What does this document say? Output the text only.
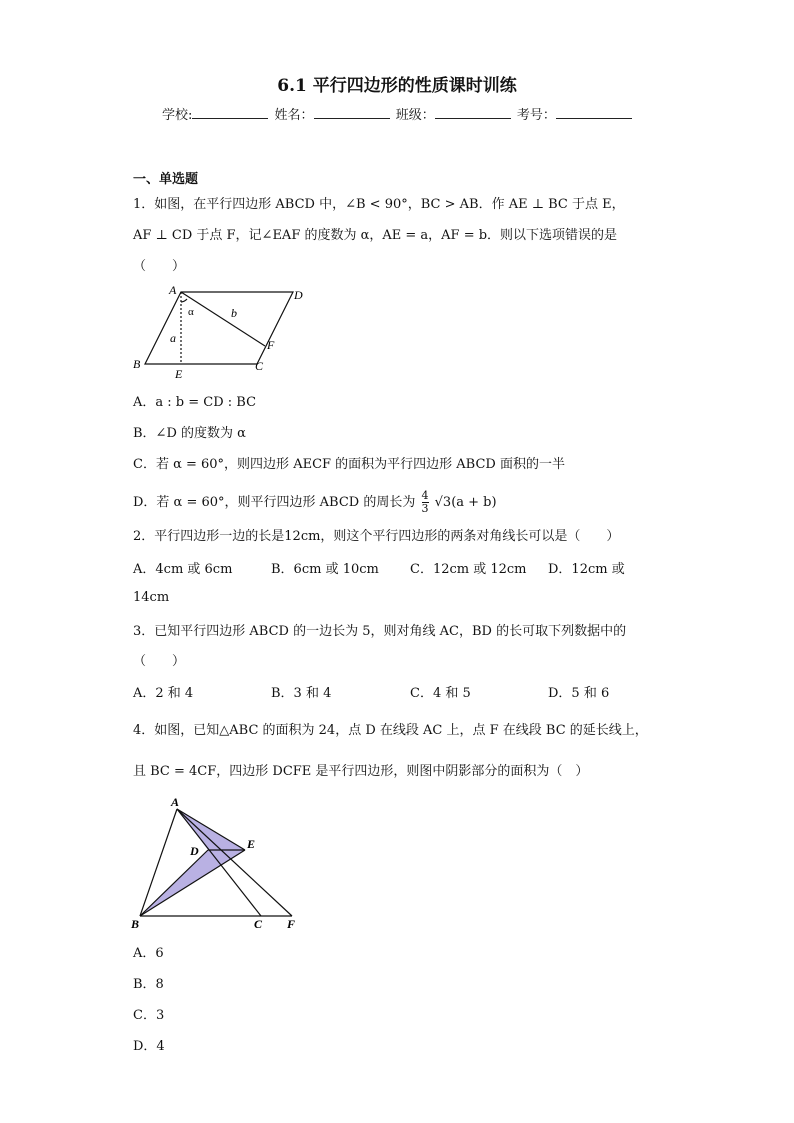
6.1 平行四边形的性质课时训练
学校:	姓名：	班级：	考号：
一、单选题
1．如图，在平行四边形 ABCD 中，∠B < 90°，BC > AB．作 AE ⊥ BC 于点 E，
AF ⊥ CD 于点 F，记∠EAF 的度数为 α，AE = a，AF = b．则以下选项错误的是
（　　）
A	D
B
E
C
F
α
a
b
A．a : b = CD : BC
B．∠D 的度数为 α
C．若 α = 60°，则四边形 AECF 的面积为平行四边形 ABCD 面积的一半
D．若 α = 60°，则平行四边形 ABCD 的周长为 $\frac{4}{3} √3(a + b)$
2．平行四边形一边的长是12cm，则这个平行四边形的两条对角线长可以是（　　）
A．4cm 或 6cm	B．6cm 或 10cm C．12cm 或 12cm D．12cm 或
14cm
3．已知平行四边形 ABCD 的一边长为 5，则对角线 AC，BD 的长可取下列数据中的
（　　）
A．2 和 4	B．3 和 4	C．4 和 5	D．5 和 6
4．如图，已知△ABC 的面积为 24，点 D 在线段 AC 上，点 F 在线段 BC 的延长线上，
且 BC = 4CF，四边形 DCFE 是平行四边形，则图中阴影部分的面积为（　）
A
D	E
B	C F
A．6
B．8
C．3
D．4
